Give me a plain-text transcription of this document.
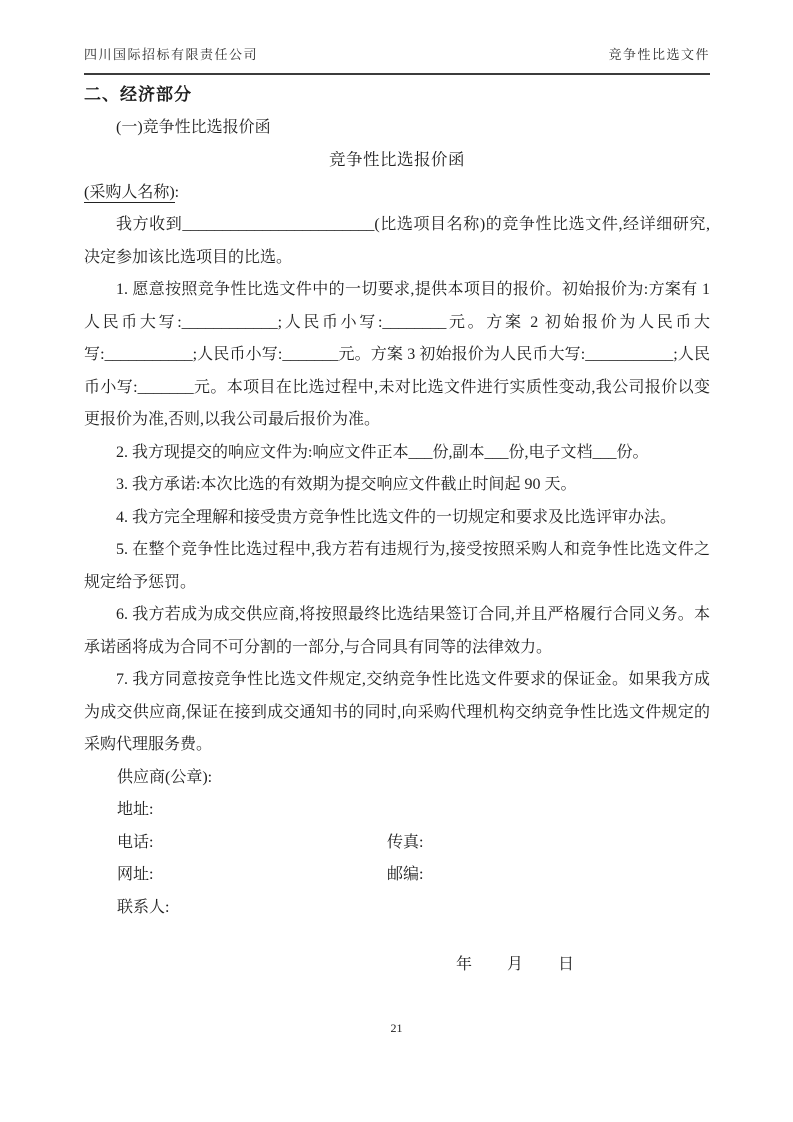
四川国际招标有限责任公司	竞争性比选文件
二、经济部分
(一)竞争性比选报价函
竞争性比选报价函
(采购人名称):

我方收到________________________(比选项目名称)的竞争性比选文件,经详细研究,决定参加该比选项目的比选。

1. 愿意按照竞争性比选文件中的一切要求,提供本项目的报价。初始报价为:方案有 1 人民币大写:____________;人民币小写:________元。方案 2 初始报价为人民币大写:___________;人民币小写:_______元。方案 3 初始报价为人民币大写:___________;人民币小写:_______元。本项目在比选过程中,未对比选文件进行实质性变动,我公司报价以变更报价为准,否则,以我公司最后报价为准。

2. 我方现提交的响应文件为:响应文件正本___份,副本___份,电子文档___份。

3. 我方承诺:本次比选的有效期为提交响应文件截止时间起 90 天。

4. 我方完全理解和接受贵方竞争性比选文件的一切规定和要求及比选评审办法。

5. 在整个竞争性比选过程中,我方若有违规行为,接受按照采购人和竞争性比选文件之规定给予惩罚。

6. 我方若成为成交供应商,将按照最终比选结果签订合同,并且严格履行合同义务。本承诺函将成为合同不可分割的一部分,与合同具有同等的法律效力。

7. 我方同意按竞争性比选文件规定,交纳竞争性比选文件要求的保证金。如果我方成为成交供应商,保证在接到成交通知书的同时,向采购代理机构交纳竞争性比选文件规定的采购代理服务费。

供应商(公章):
地址:
电话:	传真:
网址:	邮编:
联系人:
年　　月　　日
21
